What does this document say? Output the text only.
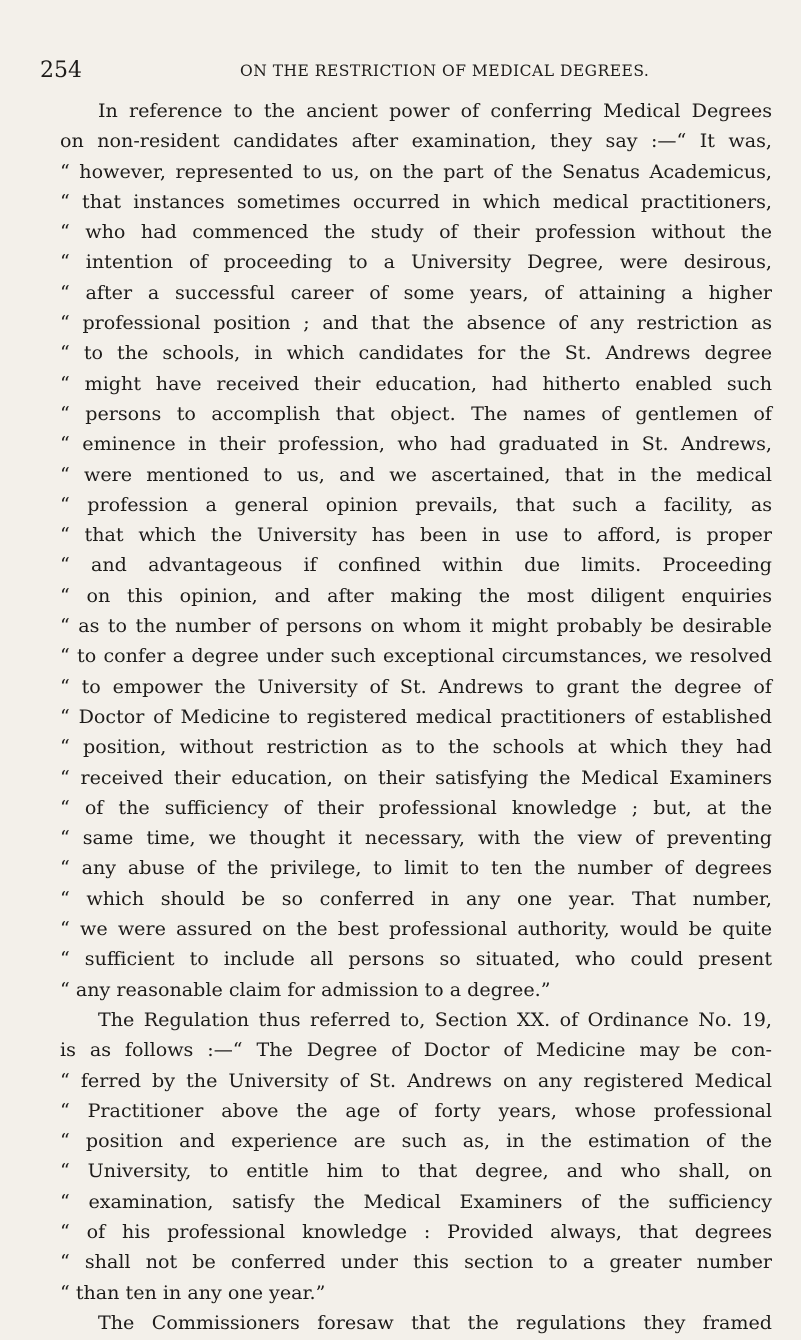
254	ON THE RESTRICTION OF MEDICAL DEGREES.
In reference to the ancient power of conferring Medical Degrees
on non-resident candidates after examination, they say :—“ It was,
“ however, represented to us, on the part of the Senatus Academicus,
“ that instances sometimes occurred in which medical practitioners,
“ who had commenced the study of their profession without the
“ intention of proceeding to a University Degree, were desirous,
“ after a successful career of some years, of attaining a higher
“ professional position ; and that the absence of any restriction as
“ to the schools, in which candidates for the St. Andrews degree
“ might have received their education, had hitherto enabled such
“ persons to accomplish that object. The names of gentlemen of
“ eminence in their profession, who had graduated in St. Andrews,
“ were mentioned to us, and we ascertained, that in the medical
“ profession a general opinion prevails, that such a facility, as
“ that which the University has been in use to afford, is proper
“ and advantageous if confined within due limits. Proceeding
“ on this opinion, and after making the most diligent enquiries
“ as to the number of persons on whom it might probably be desirable
“ to confer a degree under such exceptional circumstances, we resolved
“ to empower the University of St. Andrews to grant the degree of
“ Doctor of Medicine to registered medical practitioners of established
“ position, without restriction as to the schools at which they had
“ received their education, on their satisfying the Medical Examiners
“ of the sufficiency of their professional knowledge ; but, at the
“ same time, we thought it necessary, with the view of preventing
“ any abuse of the privilege, to limit to ten the number of degrees
“ which should be so conferred in any one year. That number,
“ we were assured on the best professional authority, would be quite
“ sufficient to include all persons so situated, who could present
“ any reasonable claim for admission to a degree.”
The Regulation thus referred to, Section XX. of Ordinance No. 19,
is as follows :—“ The Degree of Doctor of Medicine may be con-
“ ferred by the University of St. Andrews on any registered Medical
“ Practitioner above the age of forty years, whose professional
“ position and experience are such as, in the estimation of the
“ University, to entitle him to that degree, and who shall, on
“ examination, satisfy the Medical Examiners of the sufficiency
“ of his professional knowledge : Provided always, that degrees
“ shall not be conferred under this section to a greater number
“ than ten in any one year.”
The Commissioners foresaw that the regulations they framed
